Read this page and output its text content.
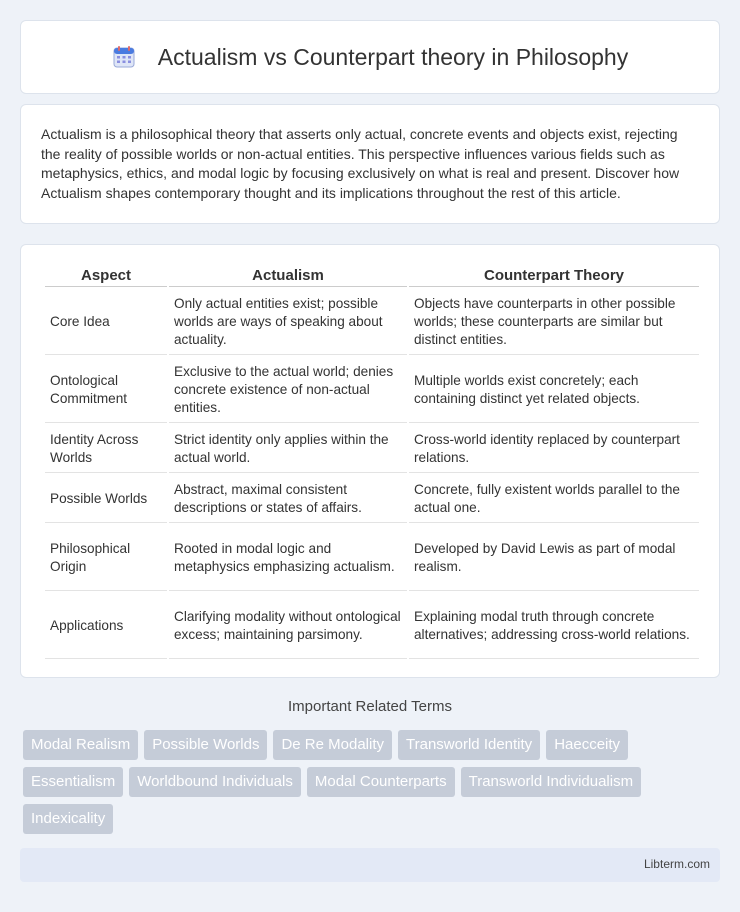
Actualism vs Counterpart theory in Philosophy

Actualism is a philosophical theory that asserts only actual, concrete events and objects exist, rejecting the reality of possible worlds or non-actual entities. This perspective influences various fields such as metaphysics, ethics, and modal logic by focusing exclusively on what is real and present. Discover how Actualism shapes contemporary thought and its implications throughout the rest of this article.

Aspect	Actualism	Counterpart Theory
Core Idea	Only actual entities exist; possible worlds are ways of speaking about actuality.	Objects have counterparts in other possible worlds; these counterparts are similar but distinct entities.
Ontological Commitment	Exclusive to the actual world; denies concrete existence of non-actual entities.	Multiple worlds exist concretely; each containing distinct yet related objects.
Identity Across Worlds	Strict identity only applies within the actual world.	Cross-world identity replaced by counterpart relations.
Possible Worlds	Abstract, maximal consistent descriptions or states of affairs.	Concrete, fully existent worlds parallel to the actual one.
Philosophical Origin	Rooted in modal logic and metaphysics emphasizing actualism.	Developed by David Lewis as part of modal realism.
Applications	Clarifying modality without ontological excess; maintaining parsimony.	Explaining modal truth through concrete alternatives; addressing cross-world relations.
Important Related Terms
Modal Realism	Possible Worlds	De Re Modality	Transworld Identity	Haecceity
Essentialism	Worldbound Individuals	Modal Counterparts	Transworld Individualism
Indexicality
Libterm.com
